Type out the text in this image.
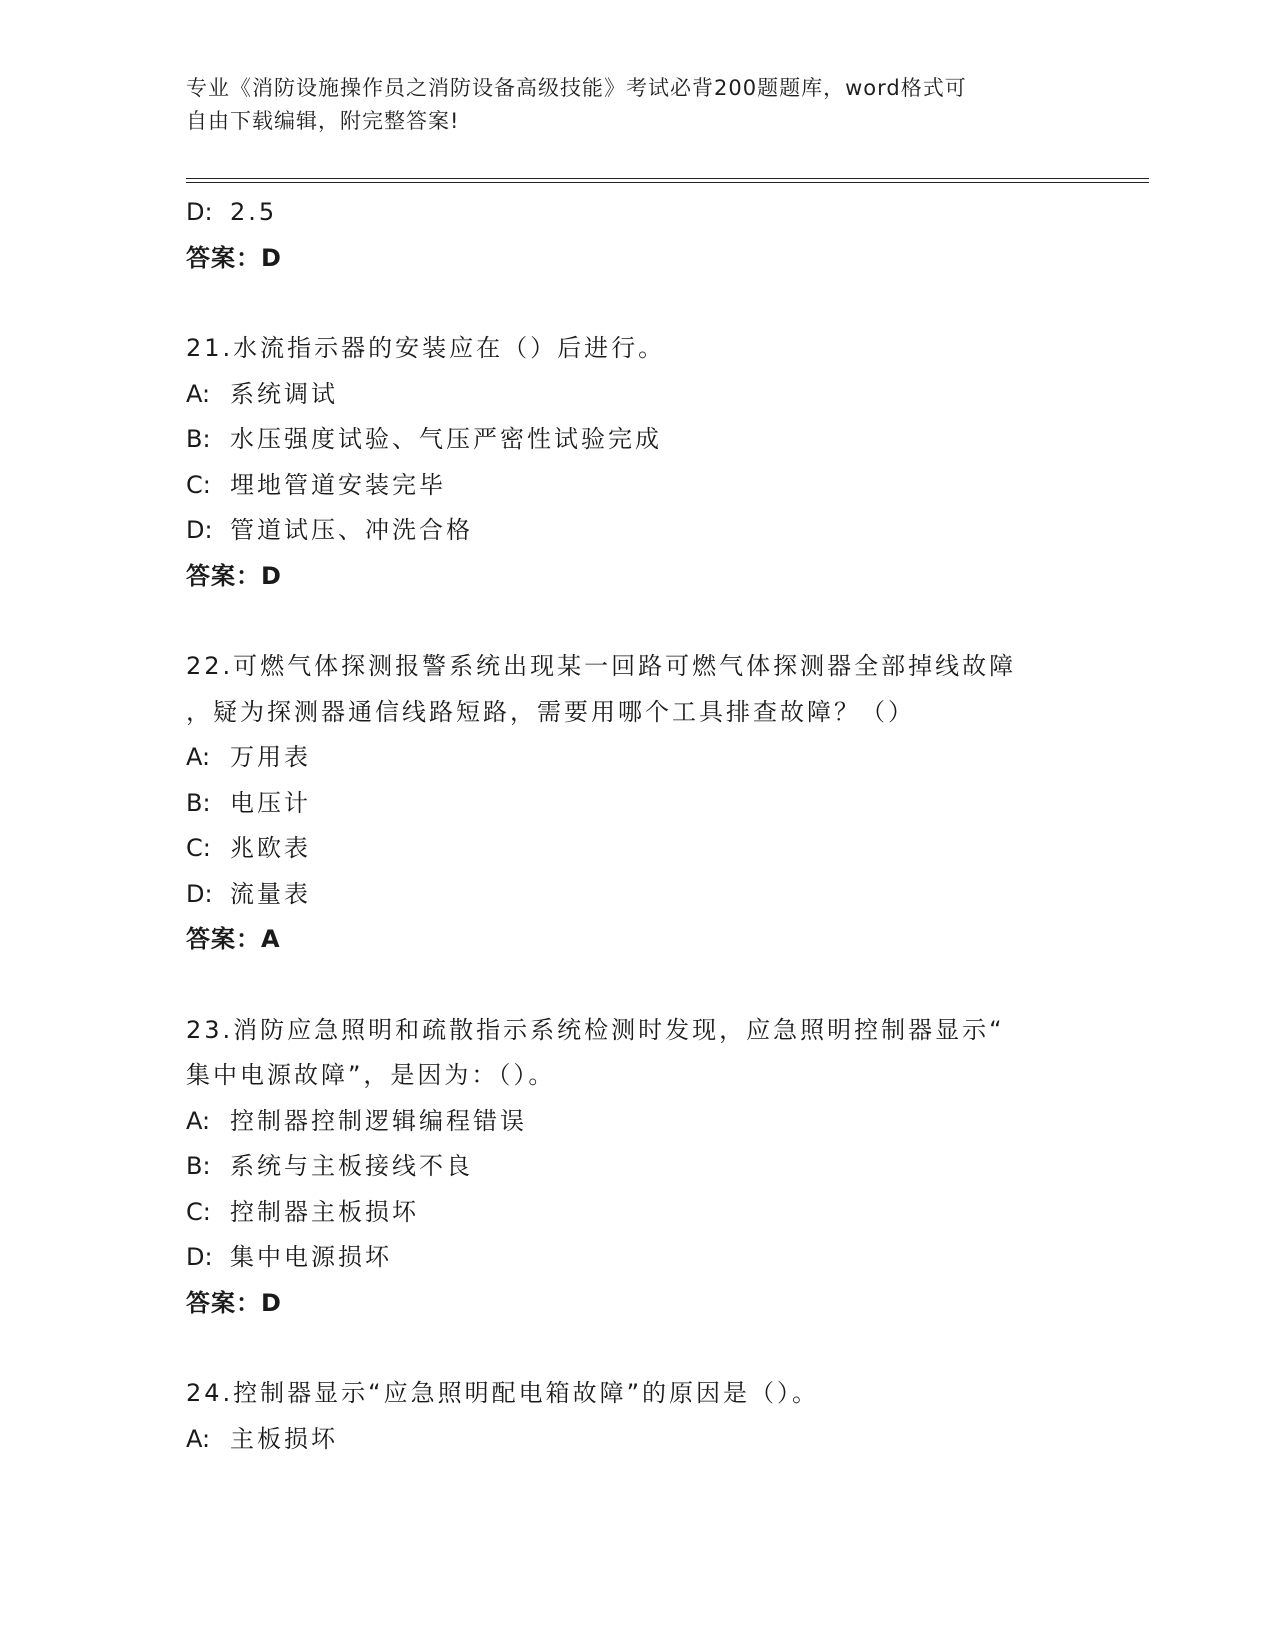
专业《消防设施操作员之消防设备高级技能》考试必背200题题库，word格式可
自由下载编辑，附完整答案!
D: 2.5
答案：D
21.水流指示器的安装应在（）后进行。
A: 系统调试
B: 水压强度试验、气压严密性试验完成
C: 埋地管道安装完毕
D: 管道试压、冲洗合格
答案：D
22.可燃气体探测报警系统出现某一回路可燃气体探测器全部掉线故障
，疑为探测器通信线路短路，需要用哪个工具排查故障？（）
A: 万用表
B: 电压计
C: 兆欧表
D: 流量表
答案：A
23.消防应急照明和疏散指示系统检测时发现，应急照明控制器显示“
集中电源故障”，是因为：（）。
A: 控制器控制逻辑编程错误
B: 系统与主板接线不良
C: 控制器主板损坏
D: 集中电源损坏
答案：D
24.控制器显示“应急照明配电箱故障”的原因是（）。
A: 主板损坏
